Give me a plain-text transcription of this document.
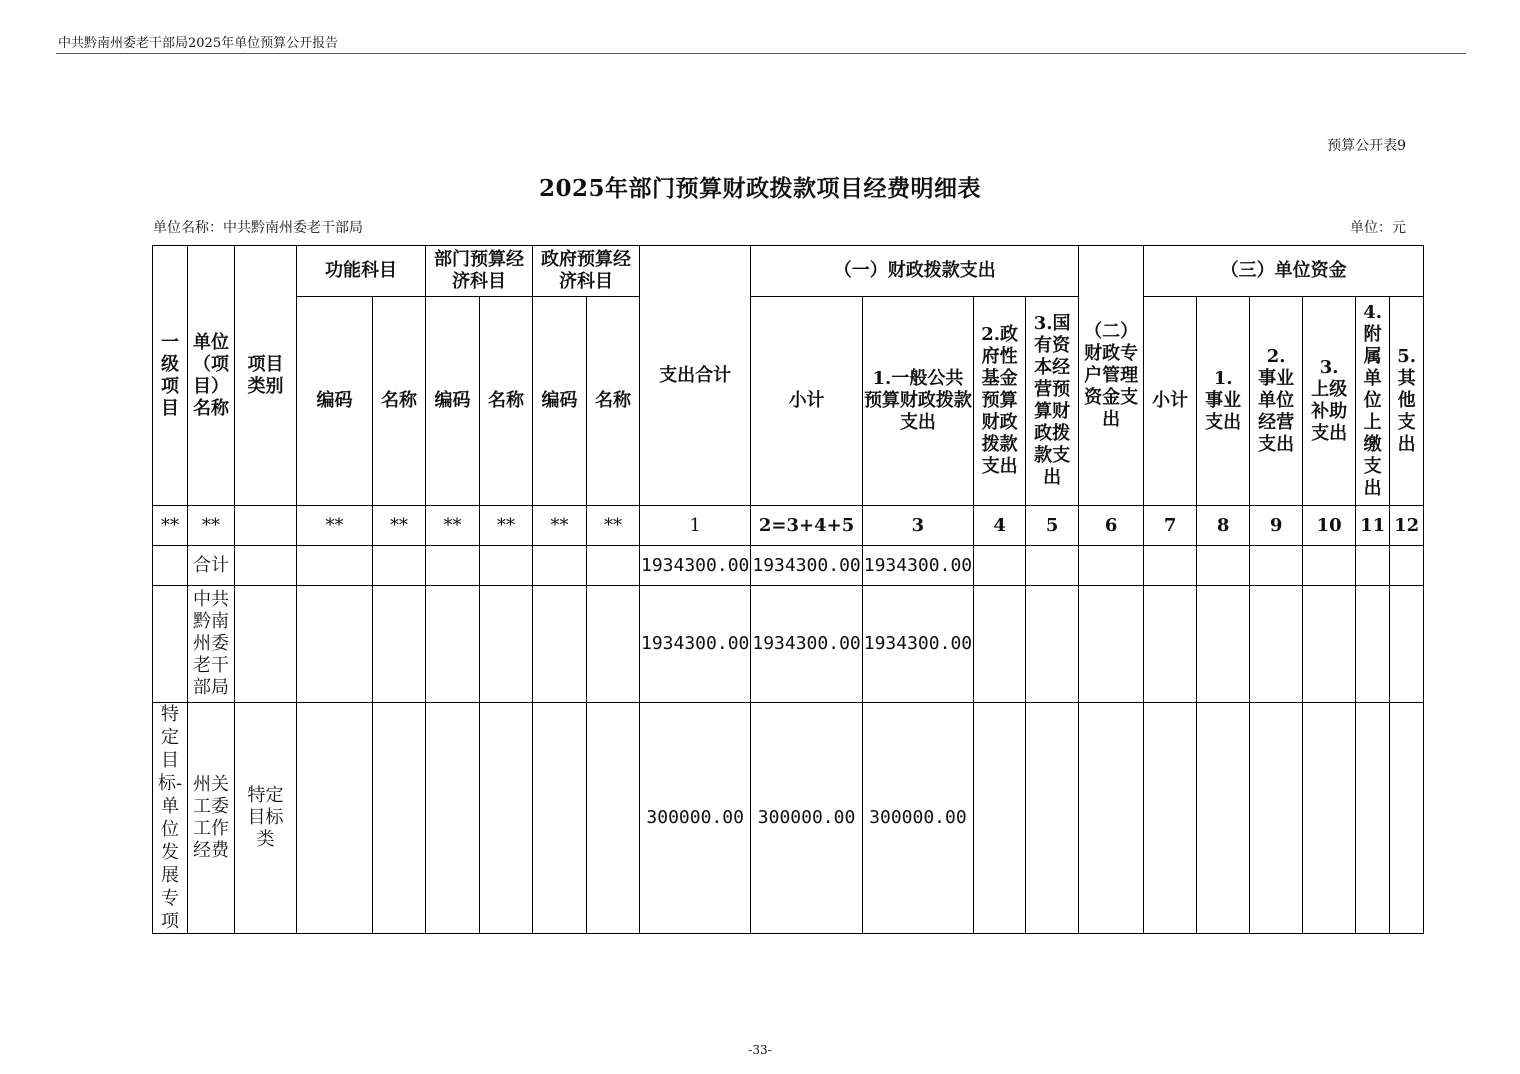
中共黔南州委老干部局2025年单位预算公开报告
预算公开表9
2025年部门预算财政拨款项目经费明细表
单位名称：中共黔南州委老干部局	单位：元
一级项目	单位（项目）名称	项目类别	功能科目		部门预算经济科目		政府预算经济科目		支出合计	（一）财政拨款支出				（二）财政专户管理资金支出	（三）单位资金					
			编码	名称	编码	名称	编码	名称		小计	1.一般公共预算财政拨款支出	2.政府性基金预算财政拨款支出	3.国有资本经营预算财政拨款支出		小计	1.事业支出	2.事业单位经营支出	3.上级补助支出	4.附属单位上缴支出	5.其他支出
**	**		**	**	**	**	**	**	1	2=3+4+5	3	4	5	6	7	8	9	10	11	12
	合计								1934300.00	1934300.00	1934300.00									
	中共黔南州委老干部局								1934300.00	1934300.00	1934300.00									
特定目标-单位发展专项	州关工委工作经费	特定目标类							300000.00	300000.00	300000.00									
-33-
